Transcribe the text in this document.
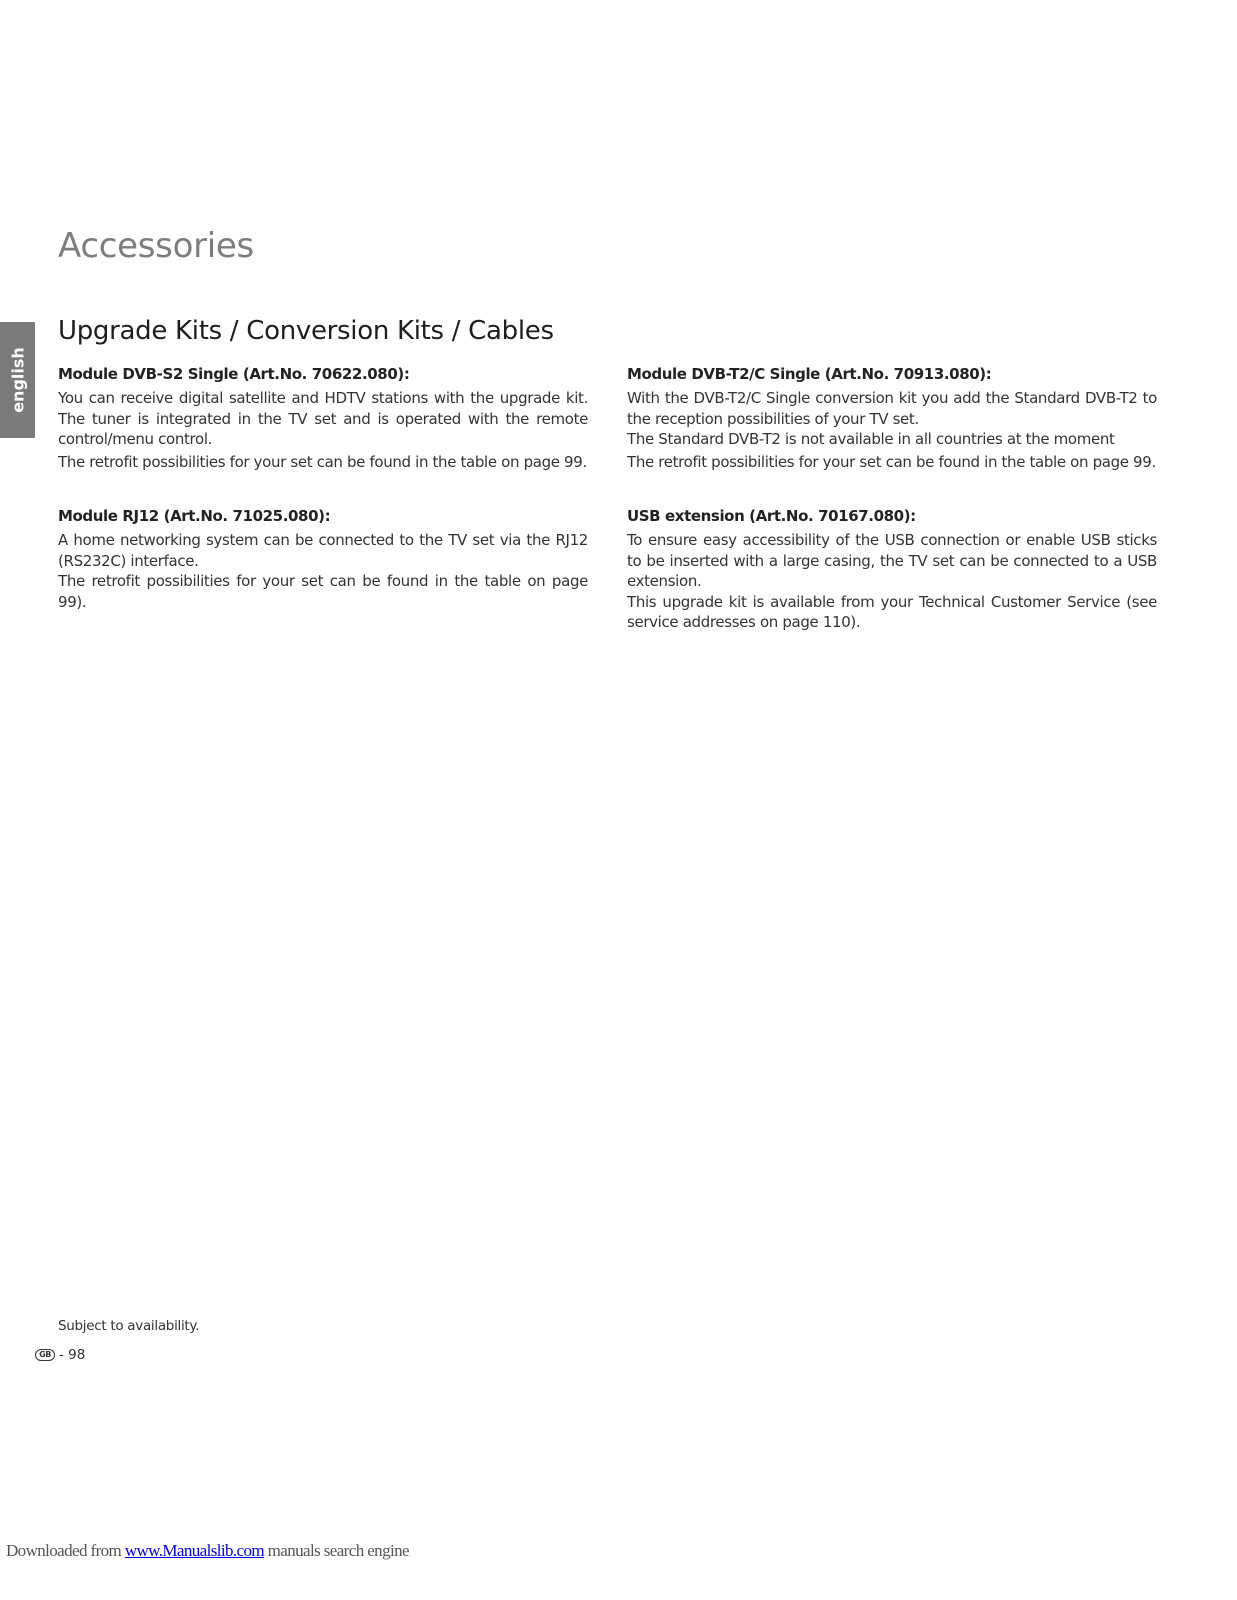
Accessories
english
Upgrade Kits / Conversion Kits / Cables
Module DVB-S2 Single (Art.No. 70622.080):

You can receive digital satellite and HDTV stations with the upgrade kit. The tuner is integrated in the TV set and is operated with the remote control/menu control.

The retrofit possibilities for your set can be found in the table on page 99.

Module DVB-T2/C Single (Art.No. 70913.080):

With the DVB-T2/C Single conversion kit you add the Standard DVB-T2 to the reception possibilities of your TV set.

The Standard DVB-T2 is not available in all countries at the moment

The retrofit possibilities for your set can be found in the table on page 99.

Module RJ12 (Art.No. 71025.080):

A home networking system can be connected to the TV set via the RJ12 (RS232C) interface.

The retrofit possibilities for your set can be found in the table on page 99).

USB extension (Art.No. 70167.080):

To ensure easy accessibility of the USB connection or enable USB sticks to be inserted with a large casing, the TV set can be connected to a USB extension.

This upgrade kit is available from your Technical Customer Service (see service addresses on page 110).

Subject to availability.
GB - 98
Downloaded from www.Manualslib.com manuals search engine
